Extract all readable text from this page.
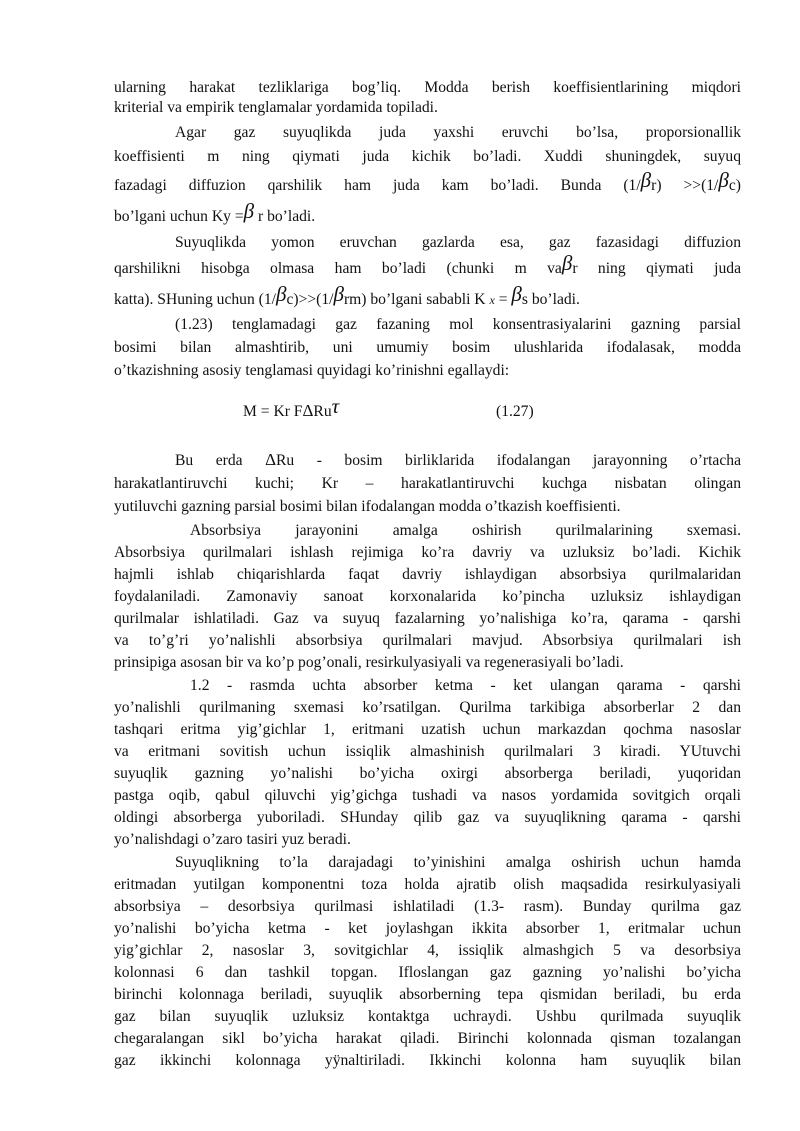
ularning harakat tezliklariga bog’liq. Modda berish koeffisientlarining miqdori
kriterial va empirik tenglamalar yordamida topiladi.
Agar gaz suyuqlikda juda yaxshi eruvchi bo’lsa, proporsionallik
koeffisienti m ning qiymati juda kichik bo’ladi. Xuddi shuningdek, suyuq
fazadagi diffuzion qarshilik ham juda kam bo’ladi. Bunda (1/βr) >>(1/βc)
bo’lgani uchun Ky =β r bo’ladi.
Suyuqlikda yomon eruvchan gazlarda esa, gaz fazasidagi diffuzion
qarshilikni hisobga olmasa ham bo’ladi (chunki m vaβr ning qiymati juda
katta). SHuning uchun (1/βc)>>(1/βrm) bo’lgani sababli K x = βs bo’ladi.
(1.23) tenglamadagi gaz fazaning mol konsentrasiyalarini gazning parsial
bosimi bilan almashtirib, uni umumiy bosim ulushlarida ifodalasak, modda
o’tkazishning asosiy tenglamasi quyidagi ko’rinishni egallaydi:
M = Kr FΔRuτ	(1.27)
Bu erda ΔRu - bosim birliklarida ifodalangan jarayonning o’rtacha
harakatlantiruvchi kuchi; Kr – harakatlantiruvchi kuchga nisbatan olingan
yutiluvchi gazning parsial bosimi bilan ifodalangan modda o’tkazish koeffisienti.
Absorbsiya jarayonini amalga oshirish qurilmalarining sxemasi.
Absorbsiya qurilmalari ishlash rejimiga ko’ra davriy va uzluksiz bo’ladi. Kichik
hajmli ishlab chiqarishlarda faqat davriy ishlaydigan absorbsiya qurilmalaridan
foydalaniladi. Zamonaviy sanoat korxonalarida ko’pincha uzluksiz ishlaydigan
qurilmalar ishlatiladi. Gaz va suyuq fazalarning yo’nalishiga ko’ra, qarama - qarshi
va to’g’ri yo’nalishli absorbsiya qurilmalari mavjud. Absorbsiya qurilmalari ish
prinsipiga asosan bir va ko’p pog’onali, resirkulyasiyali va regenerasiyali bo’ladi.
1.2 - rasmda uchta absorber ketma - ket ulangan qarama - qarshi
yo’nalishli qurilmaning sxemasi ko’rsatilgan. Qurilma tarkibiga absorberlar 2 dan
tashqari eritma yig’gichlar 1, eritmani uzatish uchun markazdan qochma nasoslar
va eritmani sovitish uchun issiqlik almashinish qurilmalari 3 kiradi. YUtuvchi
suyuqlik gazning yo’nalishi bo’yicha oxirgi absorberga beriladi, yuqoridan
pastga oqib, qabul qiluvchi yig’gichga tushadi va nasos yordamida sovitgich orqali
oldingi absorberga yuboriladi. SHunday qilib gaz va suyuqlikning qarama - qarshi
yo’nalishdagi o’zaro tasiri yuz beradi.
Suyuqlikning to’la darajadagi to’yinishini amalga oshirish uchun hamda
eritmadan yutilgan komponentni toza holda ajratib olish maqsadida resirkulyasiyali
absorbsiya – desorbsiya qurilmasi ishlatiladi (1.3- rasm). Bunday qurilma gaz
yo’nalishi bo’yicha ketma - ket joylashgan ikkita absorber 1, eritmalar uchun
yig’gichlar 2, nasoslar 3, sovitgichlar 4, issiqlik almashgich 5 va desorbsiya
kolonnasi 6 dan tashkil topgan. Ifloslangan gaz gazning yo’nalishi bo’yicha
birinchi kolonnaga beriladi, suyuqlik absorberning tepa qismidan beriladi, bu erda
gaz bilan suyuqlik uzluksiz kontaktga uchraydi. Ushbu qurilmada suyuqlik
chegaralangan sikl bo’yicha harakat qiladi. Birinchi kolonnada qisman tozalangan
gaz ikkinchi kolonnaga yÿnaltiriladi. Ikkinchi kolonna ham suyuqlik bilan
